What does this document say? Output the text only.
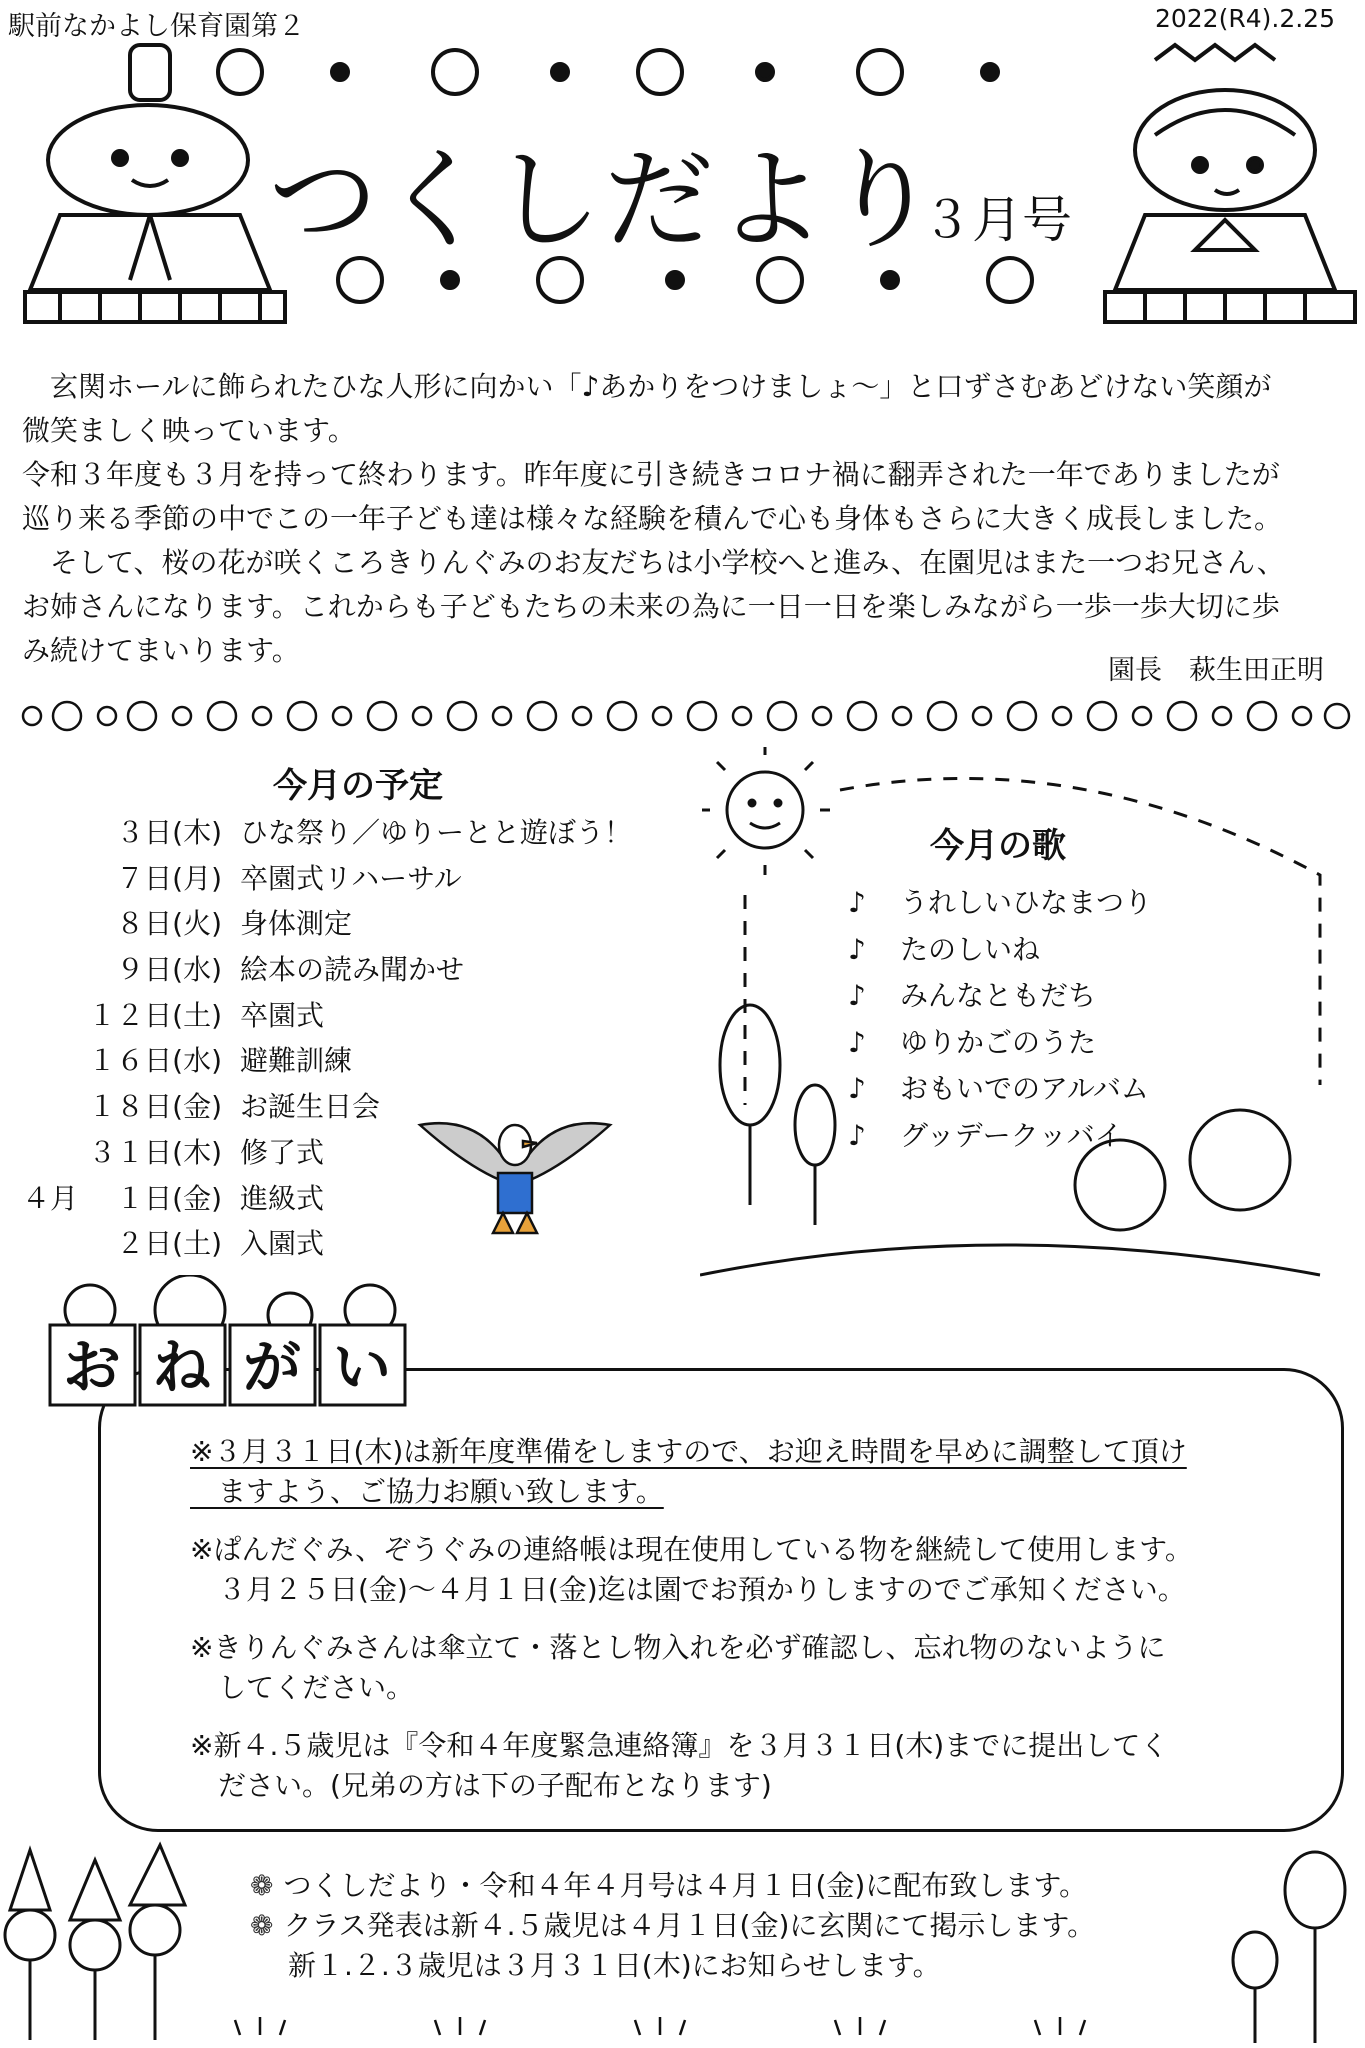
駅前なかよし保育園第２	2022(R4).2.25
つくしだより
３月号

　玄関ホールに飾られたひな人形に向かい「♪あかりをつけましょ～」と口ずさむあどけない笑顔が

微笑ましく映っています。

令和３年度も３月を持って終わります。昨年度に引き続きコロナ禍に翻弄された一年でありましたが

巡り来る季節の中でこの一年子ども達は様々な経験を積んで心も身体もさらに大きく成長しました。

　そして、桜の花が咲くころきりんぐみのお友だちは小学校へと進み、在園児はまた一つお兄さん、

お姉さんになります。これからも子どもたちの未来の為に一日一日を楽しみながら一歩一歩大切に歩

み続けてまいります。

園長　萩生田正明
今月の予定
３日(木) ひな祭り／ゆりーとと遊ぼう！
７日(月) 卒園式リハーサル
８日(火) 身体測定
９日(水) 絵本の読み聞かせ
１２日(土) 卒園式
１６日(水) 避難訓練
１８日(金) お誕生日会
３１日(木) 修了式
４月	１日(金) 進級式
２日(土) 入園式
今月の歌
♪ うれしいひなまつり
♪ たのしいね
♪ みんなともだち
♪ ゆりかごのうた
♪ おもいでのアルバム
♪ グッデークッバイ
お ね が い
※３月３１日(木)は新年度準備をしますので、お迎え時間を早めに調整して頂け
　ますよう、ご協力お願い致します。
※ぱんだぐみ、ぞうぐみの連絡帳は現在使用している物を継続して使用します。
　３月２５日(金)～４月１日(金)迄は園でお預かりしますのでご承知ください。
※きりんぐみさんは傘立て・落とし物入れを必ず確認し、忘れ物のないように
　してください。
※新４.５歳児は『令和４年度緊急連絡簿』を３月３１日(木)までに提出してく
　ださい。(兄弟の方は下の子配布となります)
❁ つくしだより・令和４年４月号は４月１日(金)に配布致します。
❁ クラス発表は新４.５歳児は４月１日(金)に玄関にて掲示します。
新１.２.３歳児は３月３１日(木)にお知らせします。
